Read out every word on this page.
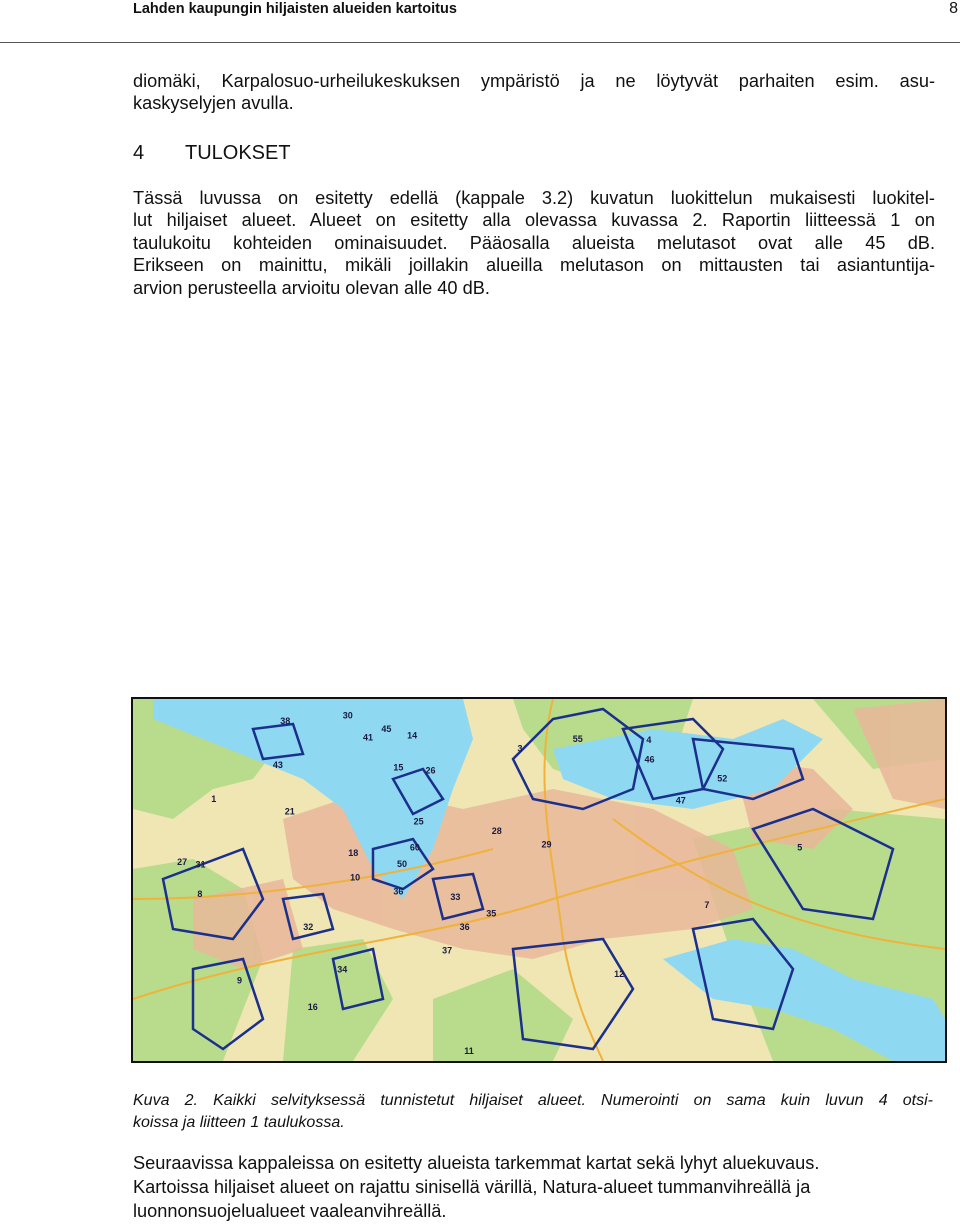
Lahden kaupungin hiljaisten alueiden kartoitus	8

diomäki, Karpalosuo-urheilukeskuksen ympäristö ja ne löytyvät parhaiten esim. asu-
kaskyselyjen avulla.

4 TULOKSET

Tässä luvussa on esitetty edellä (kappale 3.2) kuvatun luokittelun mukaisesti luokitel-
lut hiljaiset alueet. Alueet on esitetty alla olevassa kuvassa 2. Raportin liitteessä 1 on
taulukoitu kohteiden ominaisuudet. Pääosalla alueista melutasot ovat alle 45 dB.
Erikseen on mainittu, mikäli joillakin alueilla melutason on mittausten tai asiantuntija-
arvion perusteella arvioitu olevan alle 40 dB.

38
30
41
45
14
3
55	4
46
52
15
43
47
26
1
21
25
28
18
29
10
60	5
27 31	50
8	36
33
35
7
32	36
37
34	12
9
16
11

Kuva 2. Kaikki selvityksessä tunnistetut hiljaiset alueet. Numerointi on sama kuin luvun 4 otsi-
koissa ja liitteen 1 taulukossa.

Seuraavissa kappaleissa on esitetty alueista tarkemmat kartat sekä lyhyt aluekuvaus.
Kartoissa hiljaiset alueet on rajattu sinisellä värillä, Natura-alueet tummanvihreällä ja
luonnonsuojelualueet vaaleanvihreällä.
